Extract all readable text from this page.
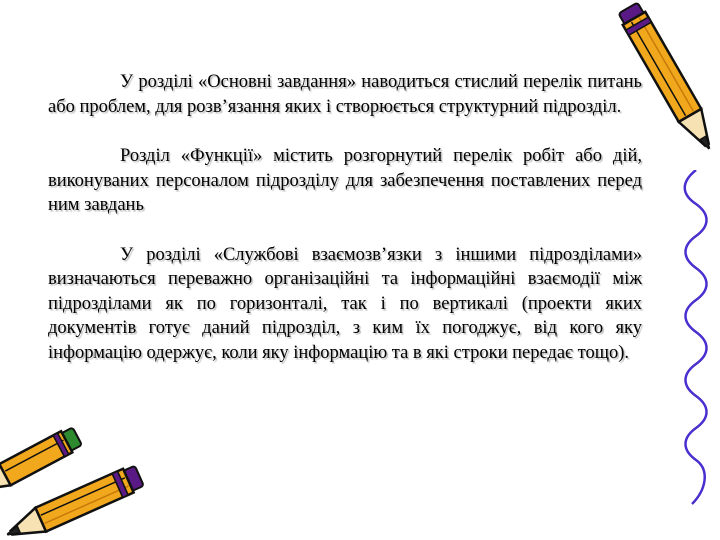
У розділі «Основні завдання» наводиться стислий перелік питань або проблем, для розв’язання яких і створюється структурний підрозділ.

Розділ «Функції» містить розгорнутий перелік робіт або дій, виконуваних персоналом підрозділу для забезпечення поставлених перед ним завдань

У розділі «Службові взаємозв’язки з іншими підрозділами» визначаються переважно організаційні та інформаційні взаємодії між підрозділами як по горизонталі, так і по вертикалі (проекти яких документів готує даний підрозділ, з ким їх погоджує, від кого яку інформацію одержує, коли яку інформацію та в які строки передає тощо).
